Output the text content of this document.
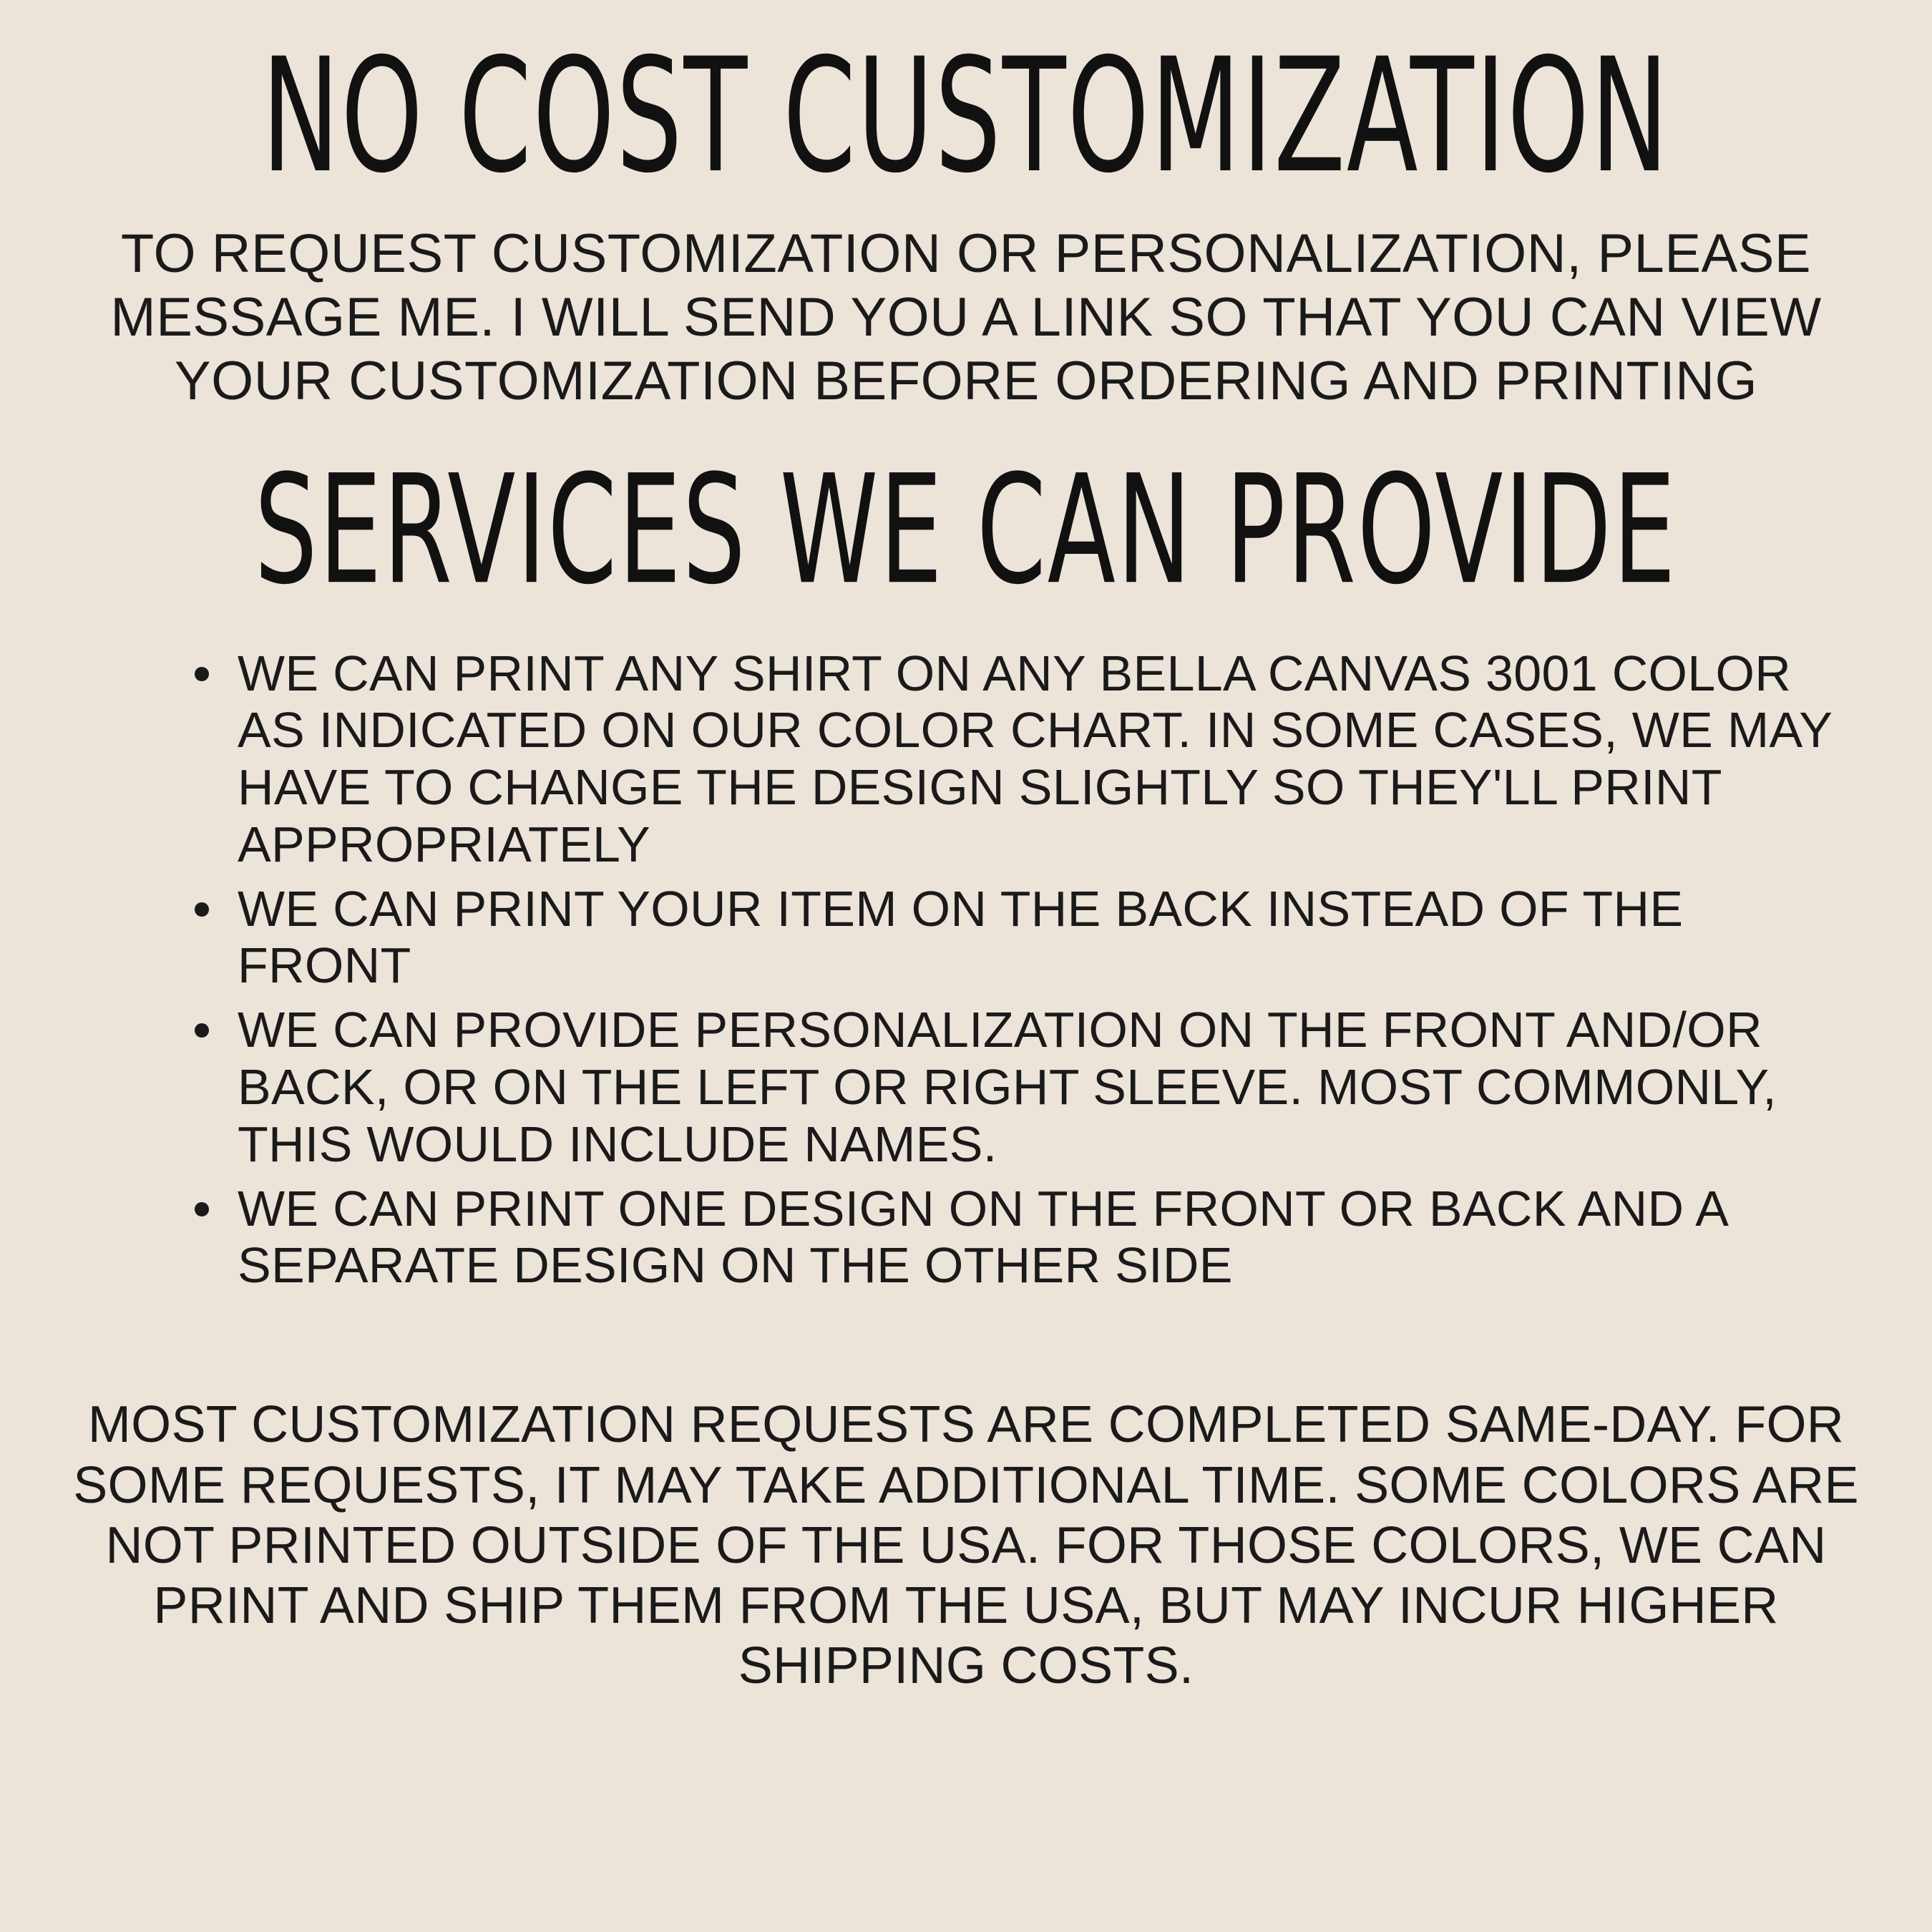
NO COST CUSTOMIZATION

TO REQUEST CUSTOMIZATION OR PERSONALIZATION, PLEASE MESSAGE ME. I WILL SEND YOU A LINK SO THAT YOU CAN VIEW YOUR CUSTOMIZATION BEFORE ORDERING AND PRINTING

SERVICES WE CAN PROVIDE
WE CAN PRINT ANY SHIRT ON ANY BELLA CANVAS 3001 COLOR AS INDICATED ON OUR COLOR CHART. IN SOME CASES, WE MAY HAVE TO CHANGE THE DESIGN SLIGHTLY SO THEY'LL PRINT APPROPRIATELY
WE CAN PRINT YOUR ITEM ON THE BACK INSTEAD OF THE FRONT
WE CAN PROVIDE PERSONALIZATION ON THE FRONT AND/OR BACK, OR ON THE LEFT OR RIGHT SLEEVE. MOST COMMONLY, THIS WOULD INCLUDE NAMES.
WE CAN PRINT ONE DESIGN ON THE FRONT OR BACK AND A SEPARATE DESIGN ON THE OTHER SIDE

MOST CUSTOMIZATION REQUESTS ARE COMPLETED SAME-DAY. FOR SOME REQUESTS, IT MAY TAKE ADDITIONAL TIME. SOME COLORS ARE NOT PRINTED OUTSIDE OF THE USA. FOR THOSE COLORS, WE CAN PRINT AND SHIP THEM FROM THE USA, BUT MAY INCUR HIGHER SHIPPING COSTS.
